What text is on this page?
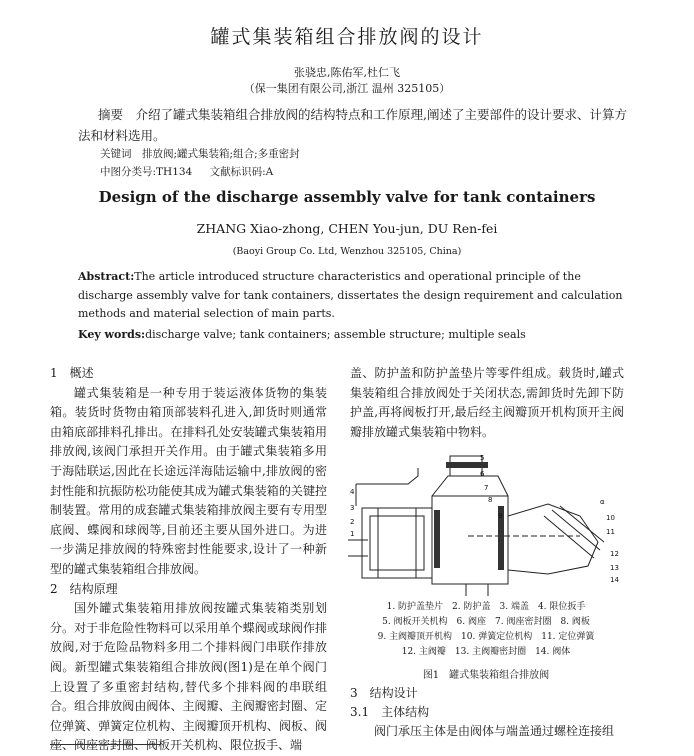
罐式集装箱组合排放阀的设计
张骁忠,陈佑军,杜仁飞
（保一集团有限公司,浙江 温州 325105）
摘要　介绍了罐式集装箱组合排放阀的结构特点和工作原理,阐述了主要部件的设计要求、计算方法和材料选用。
关键词　排放阀;罐式集装箱;组合;多重密封
中图分类号:TH134 文献标识码:A
Design of the discharge assembly valve for tank containers
ZHANG Xiao-zhong, CHEN You-jun, DU Ren-fei
(Baoyi Group Co. Ltd, Wenzhou 325105, China)
Abstract:The article introduced structure characteristics and operational principle of the discharge assembly valve for tank containers, dissertates the design requirement and calculation methods and material selection of main parts.
Key words:discharge valve; tank containers; assemble structure; multiple seals
1　概述
罐式集装箱是一种专用于装运液体货物的集装箱。装货时货物由箱顶部装料孔进入,卸货时则通常由箱底部排料孔排出。在排料孔处安装罐式集装箱用排放阀,该阀门承担开关作用。由于罐式集装箱多用于海陆联运,因此在长途远洋海陆运输中,排放阀的密封性能和抗振防松功能使其成为罐式集装箱的关键控制装置。常用的成套罐式集装箱排放阀主要有专用型底阀、蝶阀和球阀等,目前还主要从国外进口。为进一步满足排放阀的特殊密封性能要求,设计了一种新型的罐式集装箱组合排放阀。
2　结构原理
国外罐式集装箱用排放阀按罐式集装箱类别划分。对于非危险性物料可以采用单个蝶阀或球阀作排放阀,对于危险品物料多用二个排料阀门串联作排放阀。新型罐式集装箱组合排放阀(图1)是在单个阀门上设置了多重密封结构,替代多个排料阀的串联组合。组合排放阀由阀体、主阀瓣、主阀瓣密封圈、定位弹簧、弹簧定位机构、主阀瓣顶开机构、阀板、阀座、阀座密封圈、阀板开关机构、限位扳手、端
盖、防护盖和防护盖垫片等零件组成。载货时,罐式集装箱组合排放阀处于关闭状态,需卸货时先卸下防护盖,再将阀板打开,最后经主阀瓣顶开机构顶开主阀瓣排放罐式集装箱中物料。
5
6
7
8
9
α
4
3
2
1
10
11
12
13
14
1. 防护盖垫片　2. 防护盖　3. 端盖　4. 限位扳手
5. 阀板开关机构　6. 阀座　7. 阀座密封圈　8. 阀板
9. 主阀瓣顶开机构　10. 弹簧定位机构　11. 定位弹簧
12. 主阀瓣　13. 主阀瓣密封圈　14. 阀体
图1　罐式集装箱组合排放阀
3　结构设计
3.1　主体结构
阀门承压主体是由阀体与端盖通过螺栓连接组
